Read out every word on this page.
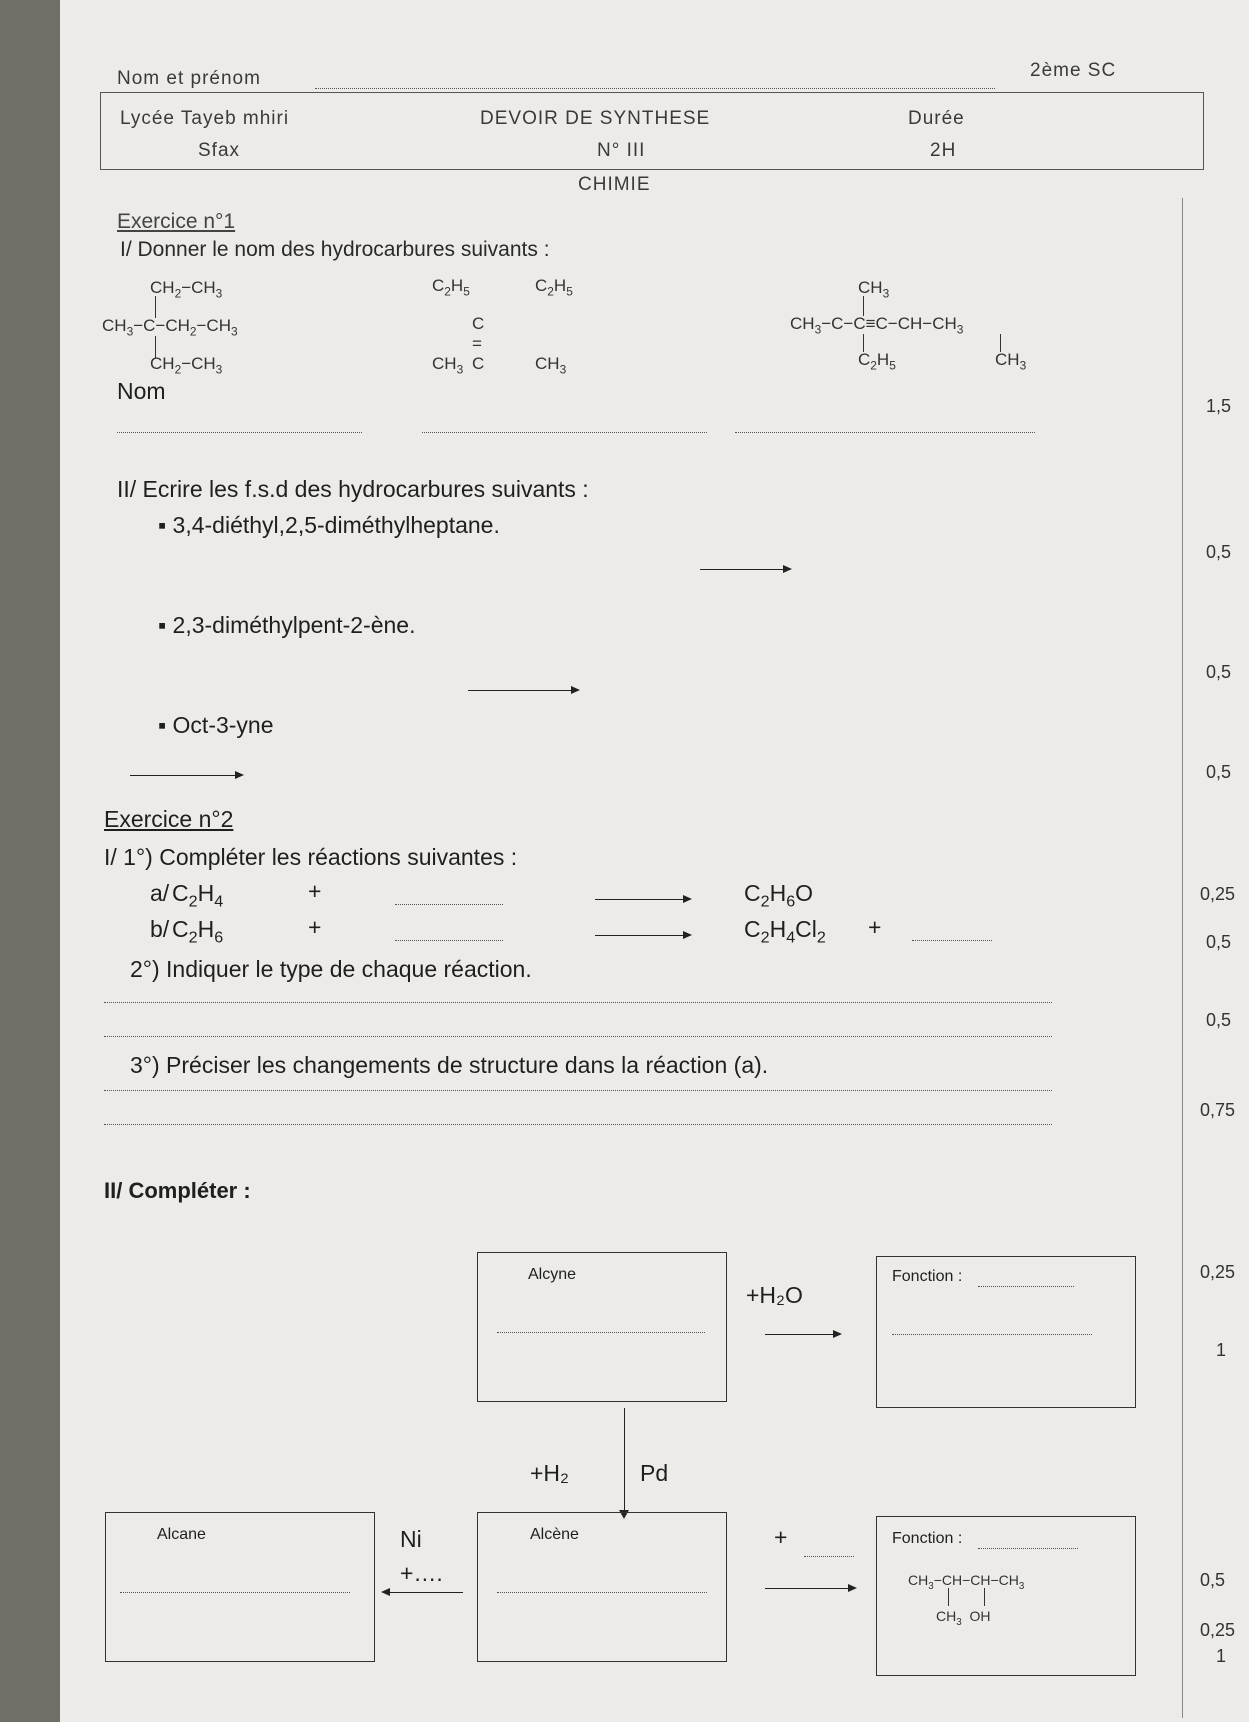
Nom et prénom	2ème SC
Lycée Tayeb mhiri
Sfax
DEVOIR DE SYNTHESE
N° III
Durée
2H
CHIMIE
Exercice n°1
I/ Donner le nom des hydrocarbures suivants :
$CH_2-CH_3$
$CH_3-C-CH_2-CH_3$
$CH_2-CH_3$
$C_2H_5$	$C_2H_5$
C = C
$CH_3$	$CH_3$
$CH_3$
$CH_3-C-C\equiv C-CH-CH_3$
$C_2H_5$	$CH_3$
Nom
II/ Ecrire les f.s.d des hydrocarbures suivants :
▪ 3,4-diéthyl,2,5-diméthylheptane.
▪ 2,3-diméthylpent-2-ène.
▪ Oct-3-yne
Exercice n°2
I/ 1°) Compléter les réactions suivantes :
a/ $C_2H_4$	+	$C_2H_6O$
b/ $C_2H_6$	+	$C_2H_4Cl_2$ +
2°) Indiquer le type de chaque réaction.
3°) Préciser les changements de structure dans la réaction (a).
II/ Compléter :
Alcyne
+H₂O
Fonction :
+H₂	Pd
Alcane	Ni
+….
Alcène	+	Fonction :
$CH_3-CH-CH-CH_3$
$CH_3$  OH
1,5
0,5
0,5
0,5
0,25
0,5
0,5
0,75
0,25
1
0,5
0,25
1
